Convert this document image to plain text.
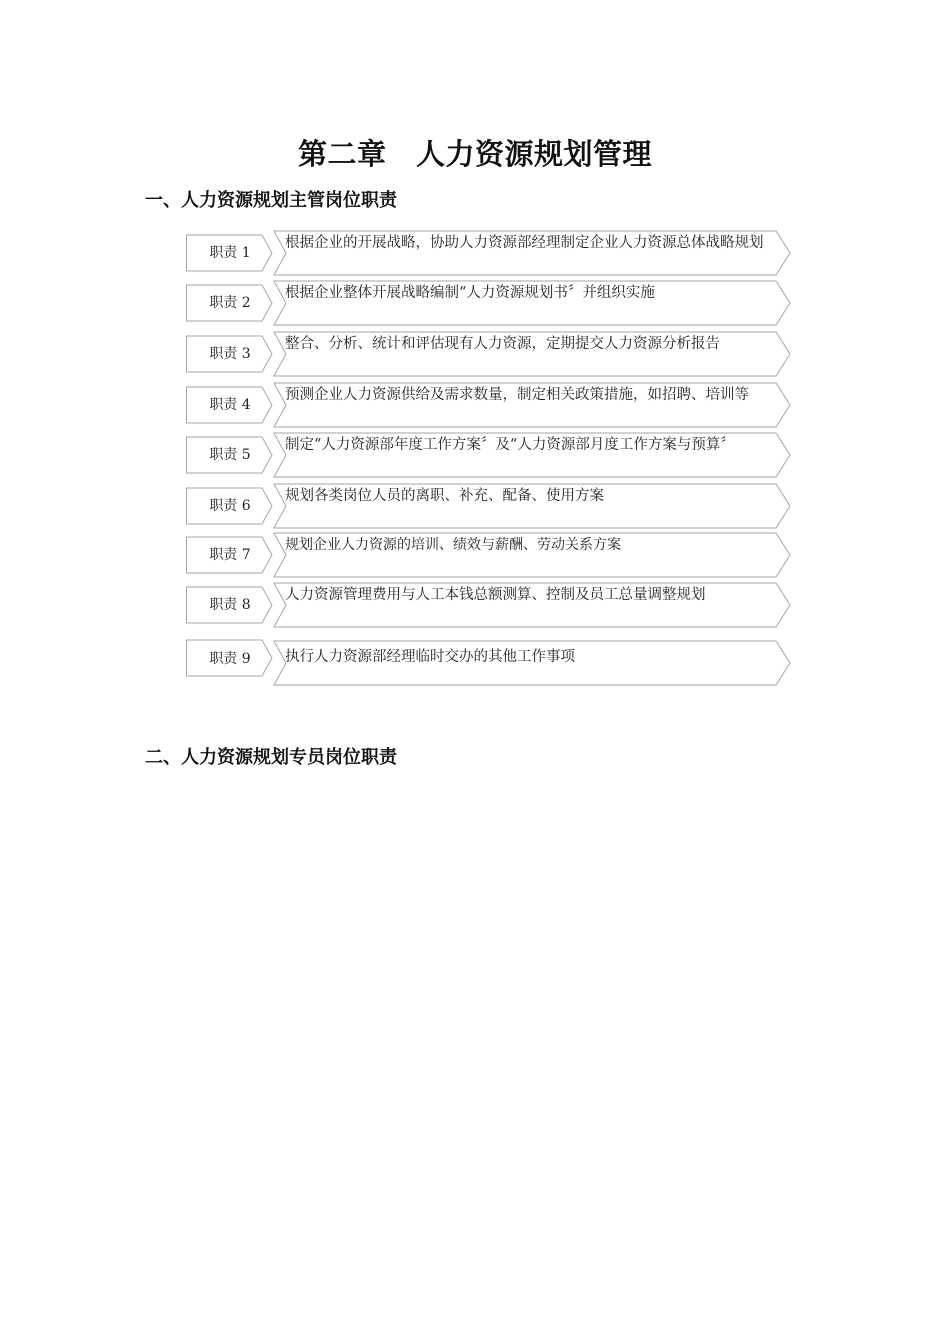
第二章　人力资源规划管理
一、人力资源规划主管岗位职责
职责 1
根据企业的开展战略，协助人力资源部经理制定企业人力资源总体战略规划
职责 2
根据企业整体开展战略编制“人力资源规划书〞并组织实施
职责 3
整合、分析、统计和评估现有人力资源，定期提交人力资源分析报告
职责 4
预测企业人力资源供给及需求数量，制定相关政策措施，如招聘、培训等
职责 5
制定“人力资源部年度工作方案〞及“人力资源部月度工作方案与预算〞
职责 6
规划各类岗位人员的离职、补充、配备、使用方案
职责 7
规划企业人力资源的培训、绩效与薪酬、劳动关系方案
职责 8
人力资源管理费用与人工本钱总额测算、控制及员工总量调整规划
职责 9	执行人力资源部经理临时交办的其他工作事项
二、人力资源规划专员岗位职责
